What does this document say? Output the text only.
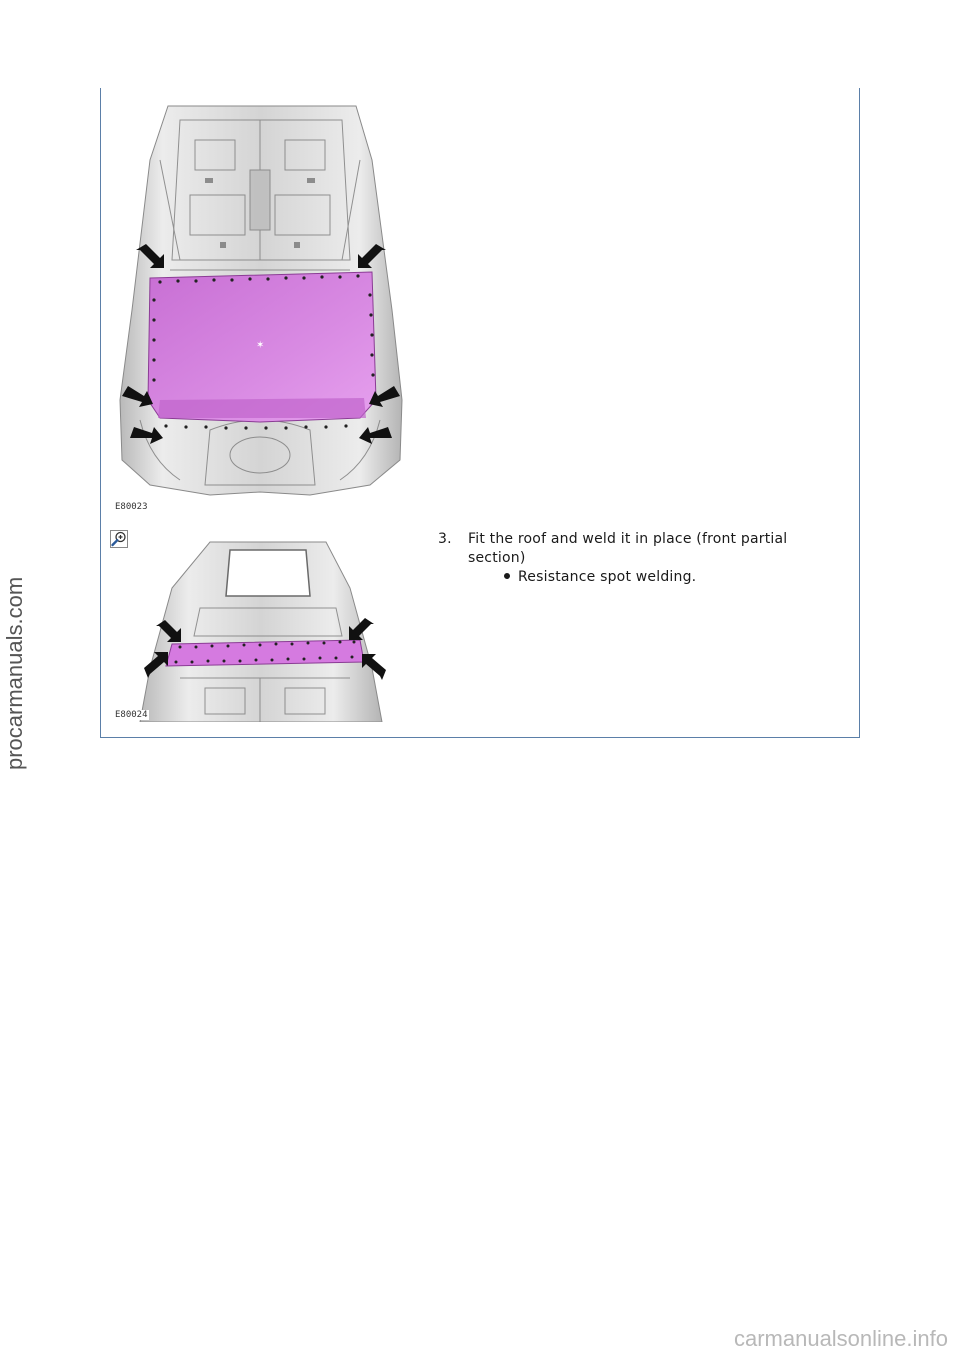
procarmanuals.com
carmanualsonline.info
✶
E80023
E80024
3. Fit the roof and weld it in place (front partial section)
Resistance spot welding.
